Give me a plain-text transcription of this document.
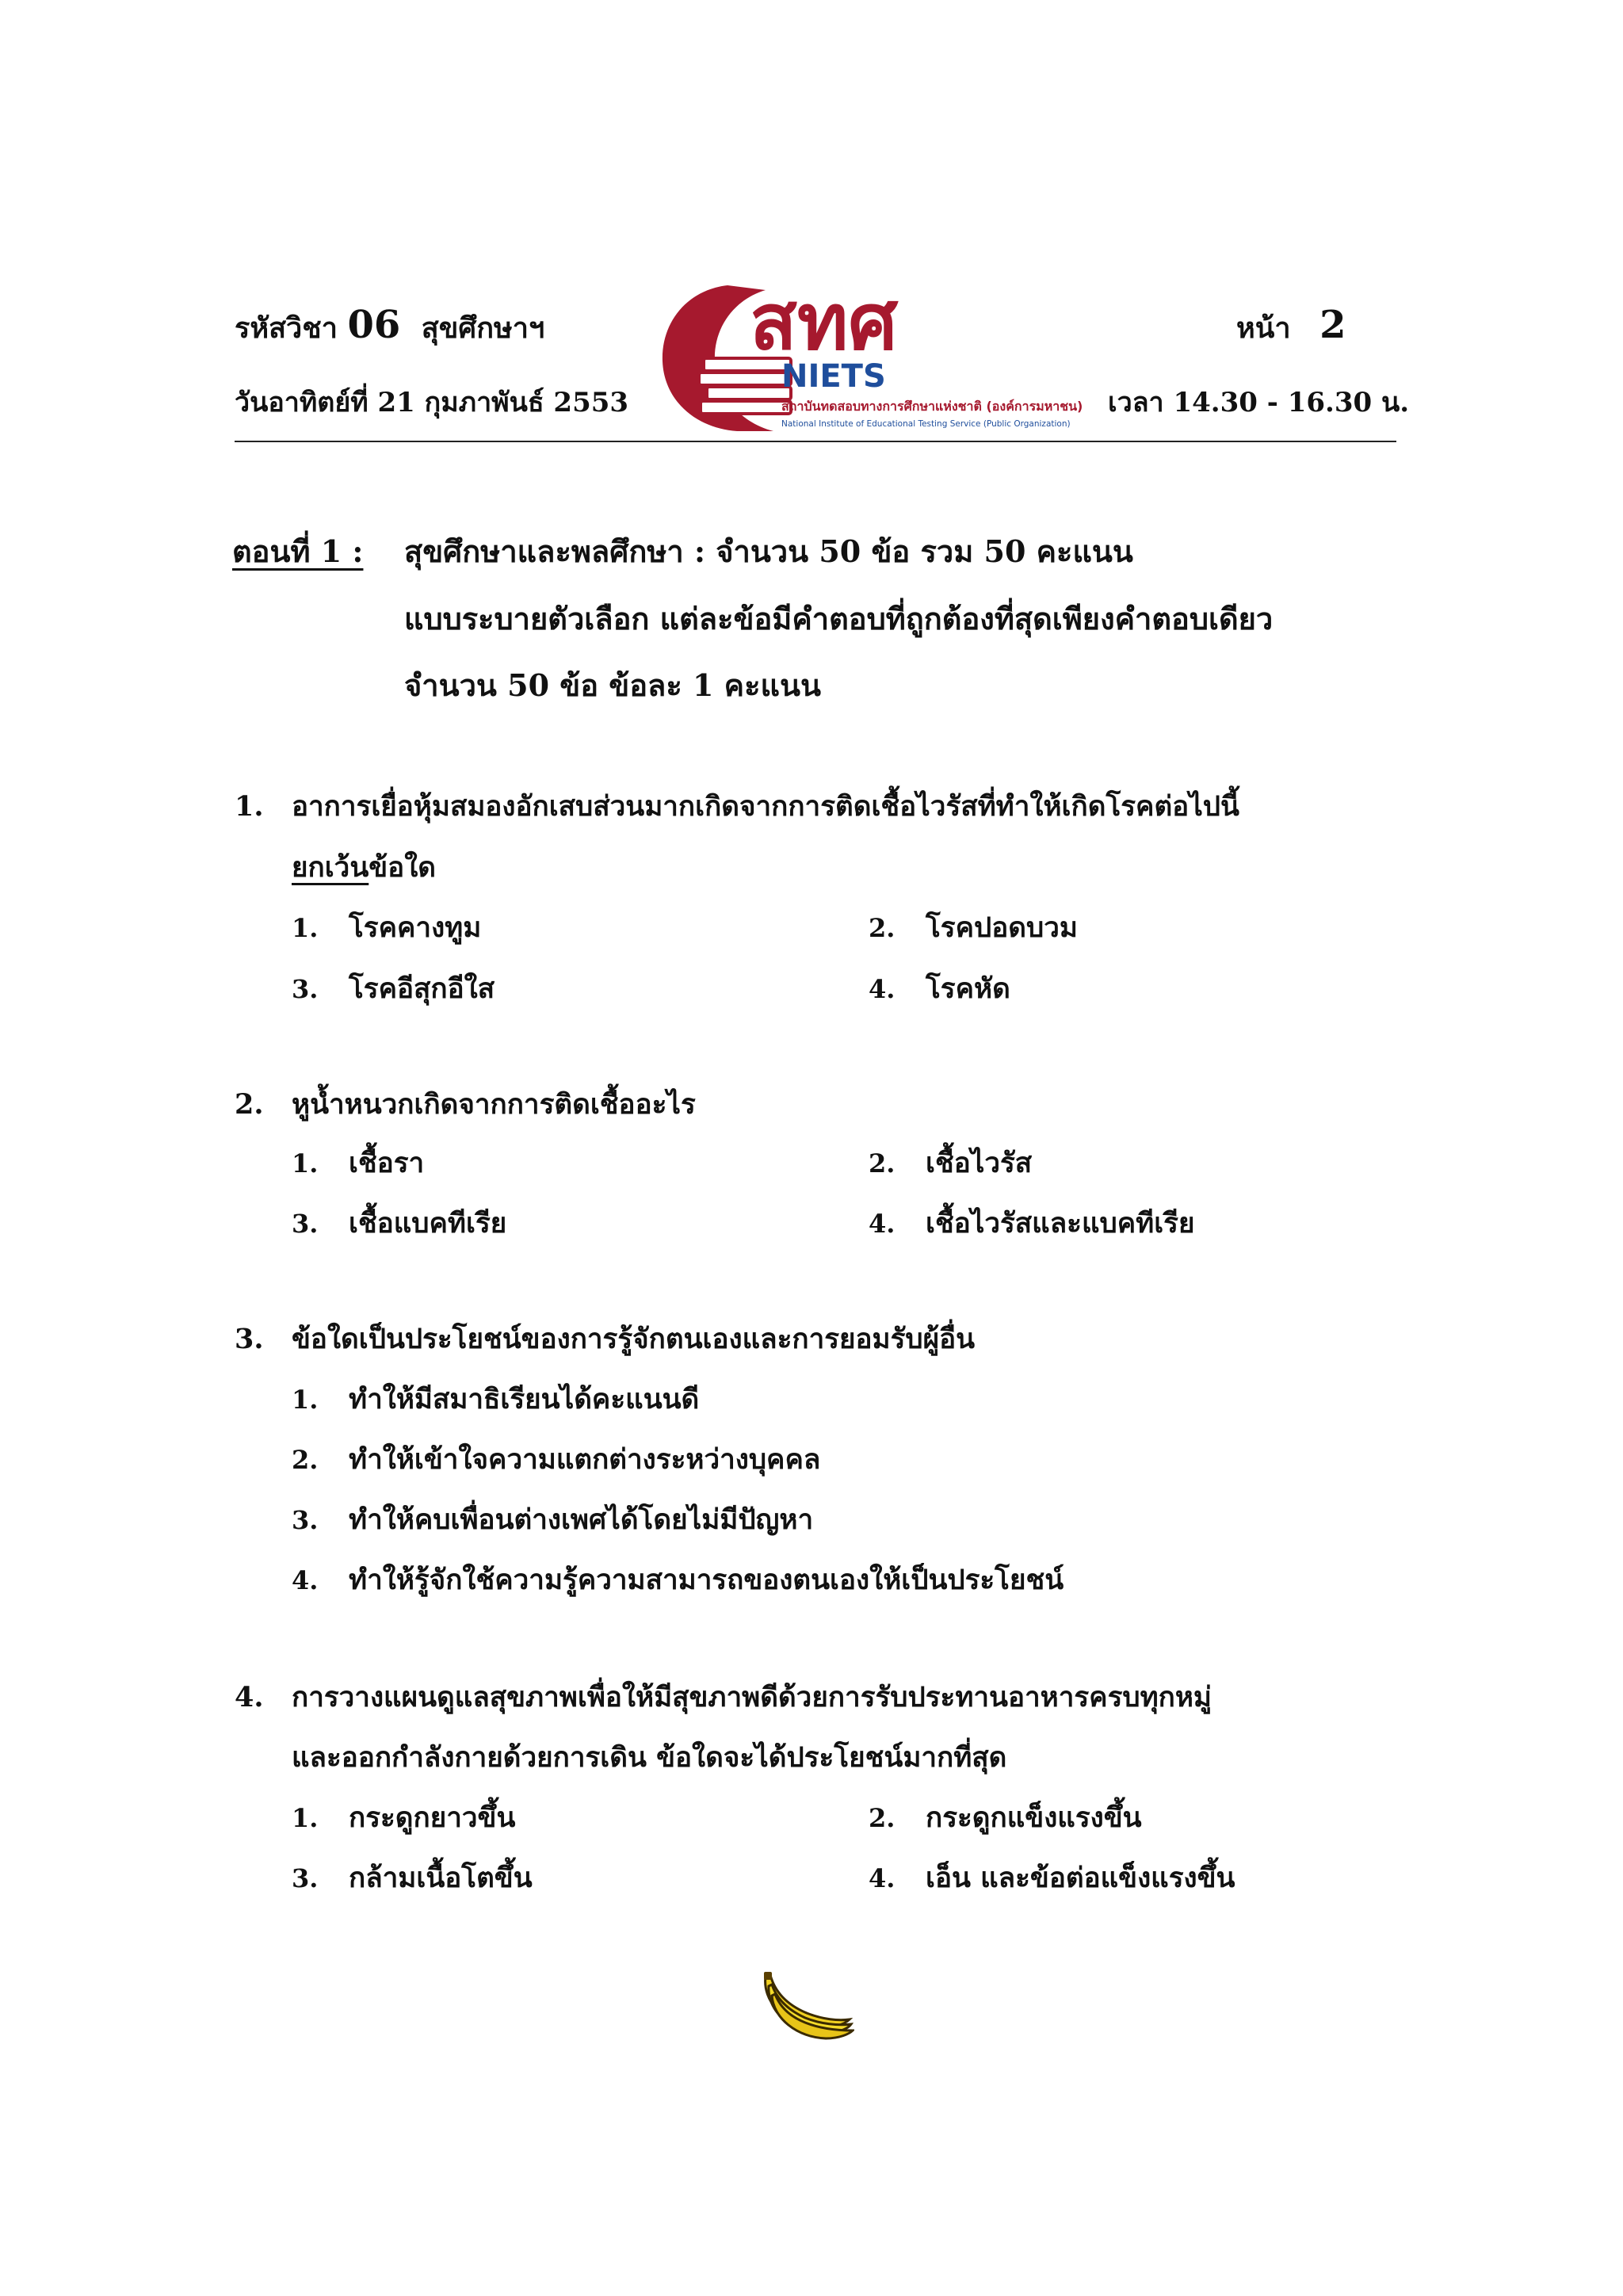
รหัสวิชา 06 สุขศึกษาฯ	หน้า 2
วันอาทิตย์ที่ 21 กุมภาพันธ์ 2553	เวลา 14.30 - 16.30 น.
สทศ
NIETS
สถาบันทดสอบทางการศึกษาแห่งชาติ (องค์การมหาชน)
National Institute of Educational Testing Service (Public Organization)
ตอนที่ 1 : สุขศึกษาและพลศึกษา : จำนวน 50 ข้อ รวม 50 คะแนน
แบบระบายตัวเลือก แต่ละข้อมีคำตอบที่ถูกต้องที่สุดเพียงคำตอบเดียว
จำนวน 50 ข้อ ข้อละ 1 คะแนน
1. อาการเยื่อหุ้มสมองอักเสบส่วนมากเกิดจากการติดเชื้อไวรัสที่ทำให้เกิดโรคต่อไปนี้
ยกเว้นข้อใด
1. โรคคางทูม	2. โรคปอดบวม
3. โรคอีสุกอีใส	4. โรคหัด
2. หูน้ำหนวกเกิดจากการติดเชื้ออะไร
1. เชื้อรา	2. เชื้อไวรัส
3. เชื้อแบคทีเรีย	4. เชื้อไวรัสและแบคทีเรีย
3. ข้อใดเป็นประโยชน์ของการรู้จักตนเองและการยอมรับผู้อื่น
1. ทำให้มีสมาธิเรียนได้คะแนนดี
2. ทำให้เข้าใจความแตกต่างระหว่างบุคคล
3. ทำให้คบเพื่อนต่างเพศได้โดยไม่มีปัญหา
4. ทำให้รู้จักใช้ความรู้ความสามารถของตนเองให้เป็นประโยชน์
4. การวางแผนดูแลสุขภาพเพื่อให้มีสุขภาพดีด้วยการรับประทานอาหารครบทุกหมู่
และออกกำลังกายด้วยการเดิน ข้อใดจะได้ประโยชน์มากที่สุด
1. กระดูกยาวขึ้น	2. กระดูกแข็งแรงขึ้น
3. กล้ามเนื้อโตขึ้น	4. เอ็น และข้อต่อแข็งแรงขึ้น
